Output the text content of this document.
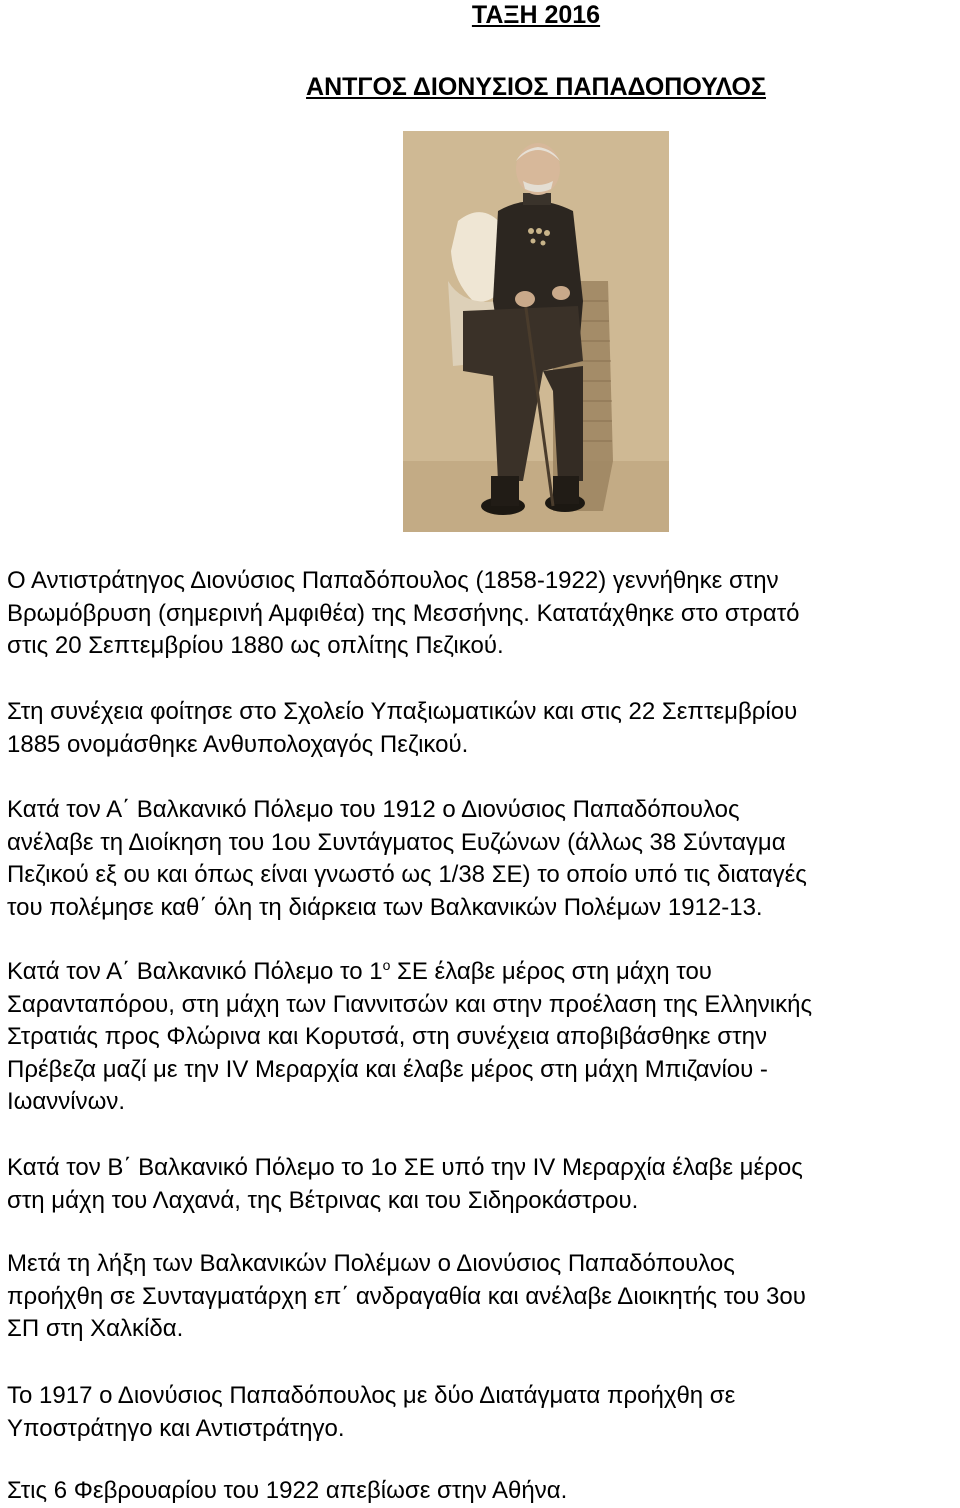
ΤΑΞΗ 2016
ΑΝΤΓΟΣ ΔΙΟΝΥΣΙΟΣ ΠΑΠΑΔΟΠΟΥΛΟΣ
Ο Αντιστράτηγος Διονύσιος Παπαδόπουλος (1858-1922) γεννήθηκε στην
Βρωμόβρυση (σημερινή Αμφιθέα) της Μεσσήνης. Κατατάχθηκε στο στρατό
στις 20 Σεπτεμβρίου 1880 ως οπλίτης Πεζικού.
Στη συνέχεια φοίτησε στο Σχολείο Υπαξιωματικών και στις 22 Σεπτεμβρίου
1885 ονομάσθηκε Ανθυπολοχαγός Πεζικού.
Κατά τον Α΄ Βαλκανικό Πόλεμο του 1912 ο Διονύσιος Παπαδόπουλος
ανέλαβε τη Διοίκηση του 1ου Συντάγματος Ευζώνων (άλλως 38 Σύνταγμα
Πεζικού εξ ου και όπως είναι γνωστό ως 1/38 ΣΕ) το οποίο υπό τις διαταγές
του πολέμησε καθ΄ όλη τη διάρκεια των Βαλκανικών Πολέμων 1912-13.
Κατά τον Α΄ Βαλκανικό Πόλεμο το $1^o$ ΣΕ έλαβε μέρος στη μάχη του
Σαρανταπόρου, στη μάχη των Γιαννιτσών και στην προέλαση της Ελληνικής
Στρατιάς προς Φλώρινα και Κορυτσά, στη συνέχεια αποβιβάσθηκε στην
Πρέβεζα μαζί με την IV Μεραρχία και έλαβε μέρος στη μάχη Μπιζανίου -
Ιωαννίνων.
Κατά τον Β΄ Βαλκανικό Πόλεμο το 1ο ΣΕ υπό την IV Μεραρχία έλαβε μέρος
στη μάχη του Λαχανά, της Βέτρινας και του Σιδηροκάστρου.
Μετά τη λήξη των Βαλκανικών Πολέμων ο Διονύσιος Παπαδόπουλος
προήχθη σε Συνταγματάρχη επ΄ ανδραγαθία και ανέλαβε Διοικητής του 3ου
ΣΠ στη Χαλκίδα.
Το 1917 ο Διονύσιος Παπαδόπουλος με δύο Διατάγματα προήχθη σε
Υποστράτηγο και Αντιστράτηγο.
Στις 6 Φεβρουαρίου του 1922 απεβίωσε στην Αθήνα.
